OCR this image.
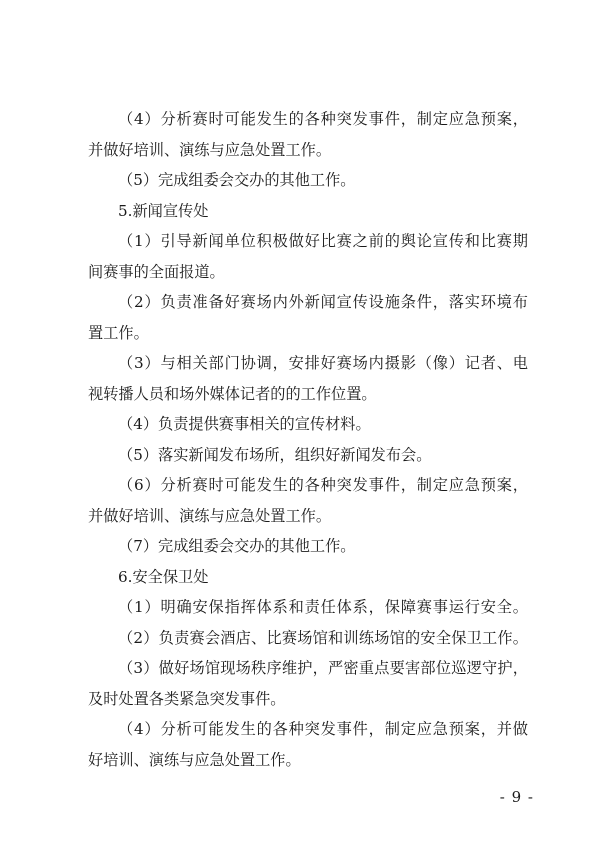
（4）分析赛时可能发生的各种突发事件，制定应急预案，
并做好培训、演练与应急处置工作。
（5）完成组委会交办的其他工作。
5.新闻宣传处
（1）引导新闻单位积极做好比赛之前的舆论宣传和比赛期
间赛事的全面报道。
（2）负责准备好赛场内外新闻宣传设施条件，落实环境布
置工作。
（3）与相关部门协调，安排好赛场内摄影（像）记者、电
视转播人员和场外媒体记者的的工作位置。
（4）负责提供赛事相关的宣传材料。
（5）落实新闻发布场所，组织好新闻发布会。
（6）分析赛时可能发生的各种突发事件，制定应急预案，
并做好培训、演练与应急处置工作。
（7）完成组委会交办的其他工作。
6.安全保卫处
（1）明确安保指挥体系和责任体系，保障赛事运行安全。
（2）负责赛会酒店、比赛场馆和训练场馆的安全保卫工作。
（3）做好场馆现场秩序维护，严密重点要害部位巡逻守护，
及时处置各类紧急突发事件。
（4）分析可能发生的各种突发事件，制定应急预案，并做
好培训、演练与应急处置工作。
- 9 -
